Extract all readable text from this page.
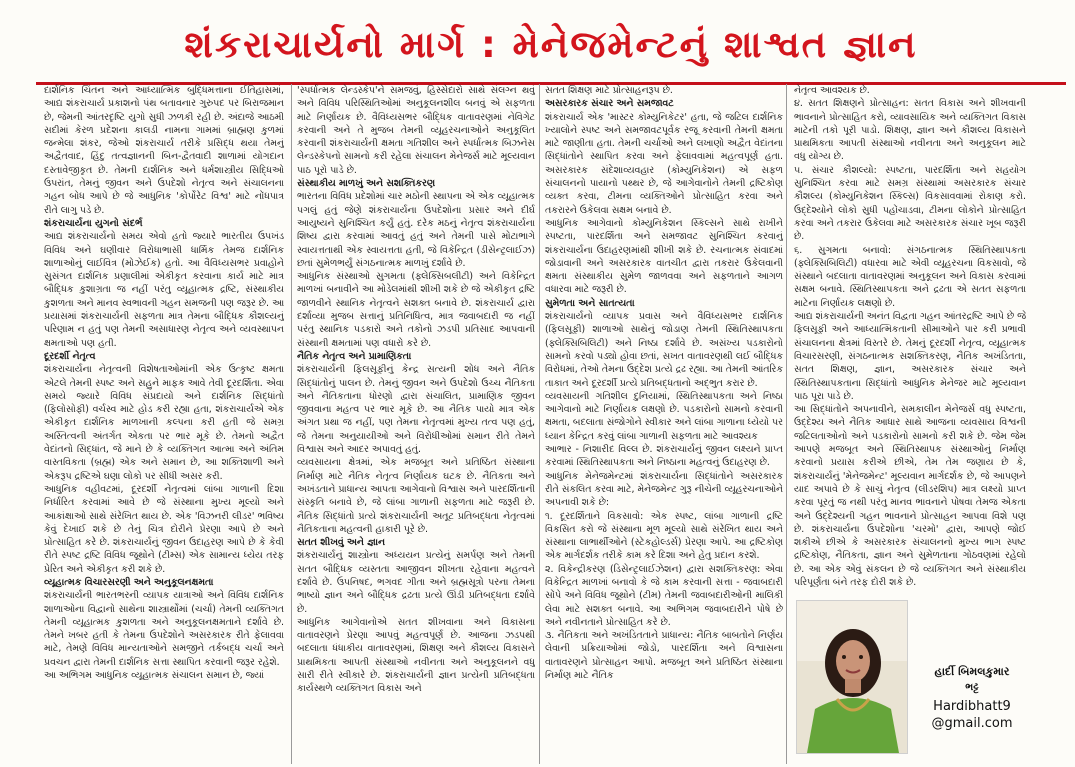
શંકરાચાર્યનો માર્ગ : મેનેજમેન્ટનું શાશ્વત જ્ઞાન

દાર્શનિક ચિંતન અને આધ્યાત્મિક બુદ્ધિમત્તાના ઈતિહાસમાં, આદ્ય શંકરાચાર્ય પ્રકાશનો પંથ બતાવનાર ગુરુપદ પર બિરાજમાન છે, જેમની આંતરદૃષ્ટિ યુગો સુધી ઝળકી રહી છે. અંદાજે આઠમી સદીમાં કેરળ પ્રદેશના કાલડી નામના ગામમાં બ્રાહ્મણ કુળમાં જન્મેલા શંકર, જેઓ શંકરાચાર્ય તરીકે પ્રસિદ્ધ થયા તેમનું અદ્વૈતવાદ, હિંદુ તત્વજ્ઞાનની બિન-દ્વૈતવાદી શાળામાં યોગદાન દસ્તાવેજીકૃત છે. તેમની દાર્શનિક અને ધર્મશાસ્ત્રીય સિદ્ધિઓ ઉપરાંત, તેમનું જીવન અને ઉપદેશો નેતૃત્વ અને સંચાલનના ગહન બોધ આપે છે જે આધુનિક 'કોર્પોરેટ વિશ્વ' માટે નોંધપાત્ર રીતે લાગુ પડે છે.

શંકરાચાર્યના યુગનો સંદર્ભ

આદ્ય શંકરાચાર્યનો સમય એવો હતો જ્યારે ભારતીય ઉપખંડ વિવિધ અને ઘણીવાર વિરોધાભાસી ધાર્મિક તેમજ દાર્શનિક શાળાઓનું લાઈવિત્ર (મોઝેઈક) હતો. આ વૈવિધ્યસભર પ્રવાહોને સુસંગત દાર્શનિક પ્રણાલીમાં એકીકૃત કરવાના કાર્ય માટે માત્ર બૌદ્ધિક કુશાગ્રતા જ નહીં પરંતુ વ્યૂહાત્મક દ્રષ્ટિ, સંસ્થાકીય કુશળતા અને માનવ સ્વભાવની ગહન સમજની પણ જરૂર છે. આ પ્રયાસમાં શંકરાચાર્યની સફળતા માત્ર તેમના બૌદ્ધિક કૌશલ્યનું પરિણામ ન હતું પણ તેમની અસાધારણ નેતૃત્વ અને વ્યવસ્થાપન ક્ષમતાઓ પણ હતી.

દૂરદર્શી નેતૃત્વ

શંકરાચાર્યના નેતૃત્વની વિશેષતાઓમાંની એક ઉત્કૃષ્ટ ક્ષમતા એટલે તેમની સ્પષ્ટ અને સહુને માફક આવે તેવી દૂરદર્શિતા. એવા સમયે જ્યારે વિવિધ સંપ્રદાયો અને દાર્શનિક સિદ્ધાંતો (ફિલોસોફી) વર્ચસ્વ માટે હોડ કરી રહ્યા હતા, શંકરાચાર્યએ એક એકીકૃત દાર્શનિક માળખાની કલ્પના કરી હતી જે સમગ્ર અસ્તિત્વની અંતર્ગત એકતા પર ભાર મૂકે છે. તેમનો અદ્વૈત વેદાંતનો સિદ્ધાંત, જે માને છે કે વ્યક્તિગત આત્મા અને અંતિમ વાસ્તવિકતા (બ્રહ્મ) એક અને સમાન છે, આ શક્તિશાળી અને એકરૂપ દ્રષ્ટિએ ઘણા લોકો પર સીધી અસર કરી.

આધુનિક વહીવટમાં, દૂરદર્શી નેતૃત્વમાં લાંબા ગાળાની દિશા નિર્ધારિત કરવામાં આવે છે જે સંસ્થાના મુખ્ય મૂલ્યો અને આકાંક્ષાઓ સાથે સંરેખિત થાય છે. એક 'વિઝનરી લીડર' ભવિષ્ય કેવું દેખાઈ શકે છે તેનું ચિત્ર દોરીને પ્રેરણા આપે છે અને પ્રોત્સાહિત કરે છે. શંકરાચાર્યનું જીવન ઉદાહરણ આપે છે કે કેવી રીતે સ્પષ્ટ દ્રષ્ટિ વિવિધ જૂથોને (ટીમ્સ) એક સામાન્ય ધ્યેય તરફ પ્રેરિત અને એકીકૃત કરી શકે છે.

વ્યૂહાત્મક વિચારસરણી અને અનુકૂલનક્ષમતા

શંકરાચાર્યની ભારતભરની વ્યાપક યાત્રાઓ અને વિવિધ દાર્શનિક શાળાઓના વિદ્વાનો સાથેના શાસ્ત્રાર્થોમાં (ચર્ચા) તેમની વ્યક્તિગત તેમની વ્યૂહાત્મક કુશળતા અને અનુકૂલનક્ષમતાને દર્શાવે છે. તેમને ખબર હતી કે તેમના ઉપદેશોને અસરકારક રીતે ફેલાવવા માટે, તેમણે વિવિધ માન્યતાઓને સમજીને તર્કબદ્ધ ચર્ચા અને પ્રવચન દ્વારા તેમની દાર્શનિક સત્તા સ્થાપિત કરવાની જરૂર રહેશે.

આ અભિગમ આધુનિક વ્યૂહાત્મક સંચાલન સમાન છે, જ્યાં

'સ્પર્ધાત્મક લેન્ડસ્કેપ'ને સમજવું, હિસ્સેદારો સાથે સંલગ્ન થવું અને વિવિધ પરિસ્થિતિઓમાં અનુકૂલનશીલ બનવું એ સફળતા માટે નિર્ણાયક છે. વૈવિધ્યસભર બૌદ્ધિક વાતાવરણમાં નેવિગેટ કરવાની અને તે મુજબ તેમની વ્યૂહરચનાઓને અનુકૂલિત કરવાની શંકરાચાર્યની ક્ષમતા ગતિશીલ અને સ્પર્ધાત્મક બિઝનેસ લેન્ડસ્કેપનો સામનો કરી રહેલા સંચાલન મેનેજર્સ માટે મૂલ્યવાન પાઠ પૂરો પાડે છે.

સંસ્થાકીય માળખું અને સશક્તિકરણ

ભારતના વિવિધ પ્રદેશોમાં ચાર મઠોની સ્થાપના એ એક વ્યૂહાત્મક પગલું હતું જેણે શંકરાચાર્યના ઉપદેશોના પ્રસાર અને દીર્ઘ આયુષ્યને સુનિશ્ચિત કર્યું હતું. દરેક મઠનું નેતૃત્વ શંકરાચાર્યના શિષ્ય દ્વારા કરવામાં આવતું હતું અને તેમની પાસે મોટાભાગે સ્વાયત્તતાથી એક સ્વાયત્તતા હતી, જે વિકેન્દ્રિત (ડીસેન્ટ્રલાઈઝ) છતાં સુમેળભર્યું સંગઠનાત્મક માળખું દર્શાવે છે.

આધુનિક સંસ્થાઓ સુગમતા (ફ્લેક્સિબલીટી) અને વિકેન્દ્રિત માળખાં બનાવીને આ મોડેલમાંથી શીખી શકે છે જે એકીકૃત દ્રષ્ટિ જાળવીને સ્થાનિક નેતૃત્વને સશક્ત બનાવે છે. શંકરાચાર્ય દ્વારા દર્શાવ્યા મુજબ સત્તાનું પ્રતિનિધિત્વ, માત્ર જવાબદારી જ નહીં પરંતુ સ્થાનિક પડકારો અને તકોનો ઝડપી પ્રતિસાદ આપવાની સંસ્થાની ક્ષમતામાં પણ વધારો કરે છે.

નૈતિક નેતૃત્વ અને પ્રામાણિકતા

શંકરાચાર્યની ફિલસૂફીનું કેન્દ્ર સત્યની શોધ અને નૈતિક સિદ્ધાંતોનું પાલન છે. તેમનું જીવન અને ઉપદેશો ઉચ્ચ નૈતિકતા અને નૈતિકતાના ધોરણો દ્વારા સંચાલિત, પ્રામાણિક જીવન જીવવાના મહત્વ પર ભાર મૂકે છે. આ નૈતિક પાયો માત્ર એક અંગત પ્રથા જ નહીં, પણ તેમના નેતૃત્વમાં મુખ્ય તત્વ પણ હતું, જે તેમના અનુયાયીઓ અને વિરોધીઓમાં સમાન રીતે તેમને વિશ્વાસ અને આદર અપાવતું હતું.

વ્યવસાયના ક્ષેત્રમાં, એક મજબૂત અને પ્રતિષ્ઠિત સંસ્થાના નિર્માણ માટે નૈતિક નેતૃત્વ નિર્ણાયક ઘટક છે. નૈતિકતા અને અખંડતાને પ્રાધાન્ય આપતા આગેવાનો વિશ્વાસ અને પારદર્શિતાની સંસ્કૃતિ બનાવે છે, જે લાંબા ગાળાની સફળતા માટે જરૂરી છે. નૈતિક સિદ્ધાંતો પ્રત્યે શંકરાચાર્યની અતૂટ પ્રતિબદ્ધતા નેતૃત્વમાં નૈતિકતાના મહત્વની હાકારી પૂરે છે.

સતત શીખવું અને જ્ઞાન

શંકરાચાર્યનું શાસ્ત્રોના અધ્યયન પ્રત્યેનું સમર્પણ અને તેમની સતત બૌદ્ધિક વ્યસ્તતા આજીવન શીખતા રહેવાના મહત્વને દર્શાવે છે. ઉપનિષદ, ભગવદ ગીતા અને બ્રહ્મસૂત્રો પરના તેમના ભાષ્યો જ્ઞાન અને બૌદ્ધિક દ્રઢતા પ્રત્યે ઊંડી પ્રતિબદ્ધતા દર્શાવે છે.

આધુનિક આગેવાનોએ સતત શીખવાના અને વિકાસના વાતાવરણને પ્રેરણા આપવું મહત્વપૂર્ણ છે. આજના ઝડપથી બદલાતા ધંધાકીય વાતાવરણમાં, શિક્ષણ અને કૌશલ્ય વિકાસને પ્રાથમિકતા આપતી સંસ્થાઓ નવીનતા અને અનુકૂલનને વધુ સારી રીતે સ્વીકારે છે. શંકરાચાર્યની જ્ઞાન પ્રત્યેની પ્રતિબદ્ધતા કાર્યસ્થળે વ્યક્તિગત વિકાસ અને

સતત શિક્ષણ માટે પ્રોત્સાહનરૂપ છે.

અસરકારક સંચાર અને સમજાવટ

શંકરાચાર્ય એક 'માસ્ટર કોમ્યુનિકેટર' હતા, જે જટિલ દાર્શનિક ખ્યાલોને સ્પષ્ટ અને સમજાવટપૂર્વક રજૂ કરવાની તેમની ક્ષમતા માટે જાણીતા હતા. તેમની ચર્ચાઓ અને લખાણો અદ્વૈત વેદાંતના સિદ્ધાંતોને સ્થાપિત કરવા અને ફેલાવવામાં મહત્વપૂર્ણ હતા. અસરકારક સંદેશાવ્યવહાર (કોમ્યુનિકેશન) એ સફળ સંચાલનનો પાયાનો પથ્થર છે, જે આગેવાનોને તેમની દ્રષ્ટિકોણ વ્યક્ત કરવા, ટીમના વ્યક્તિઓને પ્રોત્સાહિત કરવા અને તકરારને ઉકેલવા સક્ષમ બનાવે છે.

આધુનિક આગેવાનો કોમ્યુનિકેશન સ્કિલ્સને સાથે રાખીને સ્પષ્ટતા, પારદર્શિતા અને સમજાવટ સુનિશ્ચિત કરવાનું શંકરાચાર્યના ઉદાહરણમાંથી શીખી શકે છે. રચનાત્મક સંવાદમાં જોડાવાની અને અસરકારક વાતચીત દ્વારા તકરાર ઉકેલવાની ક્ષમતા સંસ્થાકીય સુમેળ જાળવવા અને સફળતાને આગળ વધારવા માટે જરૂરી છે.

સુમેળતા અને સાતત્યતા

શંકરાચાર્યનો વ્યાપક પ્રવાસ અને વૈવિધ્યસભર દાર્શનિક (ફિલસૂફી) શાળાઓ સાથેનું જોડાણ તેમની સ્થિતિસ્થાપકતા (ફ્લેક્સિબિલિટી) અને નિષ્ઠા દર્શાવે છે. અસંખ્ય પડકારોનો સામનો કરવો પડ્યો હોવા છતાં, સખત વાતાવરણથી લઈ બૌદ્ધિક વિરોધમાં, તેઓ તેમના ઉદ્દેશ પ્રત્યે દ્રઢ રહ્યા. આ તેમની આંતરિક તાકાત અને દૂરદર્શી પ્રત્યે પ્રતિબદ્ધતાનો અદ્ભુત કરાર છે.

વ્યવસાયની ગતિશીલ દુનિયામાં, સ્થિતિસ્થાપકતા અને નિષ્ઠા આગેવાનો માટે નિર્ણાયક લક્ષણો છે. પડકારોનો સામનો કરવાની ક્ષમતા, બદલાતા સંજોગોને સ્વીકાર અને લાંબા ગાળાના ધ્યેયો પર ધ્યાન કેન્દ્રિત કરવું લાંબા ગાળાની સફળતા માટે આવશ્યક

આભાર - નિશારીદ વિલ્લ છે. શંકરાચાર્યનું જીવન લક્ષ્યને પ્રાપ્ત કરવામાં સ્થિતિસ્થાપકતા અને નિષ્ઠાના મહત્વનું ઉદાહરણ છે.

આધુનિક મેનેજમેન્ટમાં શંકરાચાર્યના સિદ્ધાંતોને અસરકારક રીતે સંકલિત કરવા માટે, મેનેજમેન્ટ ગુરૂ નીચેની વ્યૂહરચનાઓને અપનાવી શકે છે:

૧. દૂરદર્શિતાને વિકસાવો: એક સ્પષ્ટ, લાંબા ગાળાની દ્રષ્ટિ વિકસિત કરો જે સંસ્થાના મૂળ મૂલ્યો સાથે સંરેખિત થાય અને સંસ્થાના લાભાર્થીઓને (સ્ટેકહોલ્ડર્સ) પ્રેરણા આપે. આ દ્રષ્ટિકોણ એક માર્ગદર્શક તરીકે કામ કરે દિશા અને હેતુ પ્રદાન કરશે.

૨. વિકેન્દ્રીકરણ (ડિસેન્ટ્રલાઈઝેશન) દ્વારા સશક્તિકરણ: એવા વિકેન્દ્રિત માળખાં બનાવો કે જે કામ કરવાની સત્તા - જવાબદારી સોંપે અને વિવિધ જૂથોને (ટીમ) તેમની જવાબદારીઓની માલિકી લેવા માટે સશક્ત બનાવે. આ અભિગમ જવાબદારીને પોષે છે અને નવીનતાને પ્રોત્સાહિત કરે છે.

૩. નૈતિકતા અને અખંડિતતાને પ્રાધાન્ય: નૈતિક બાબતોને નિર્ણય લેવાની પ્રક્રિયાઓમાં જોડો, પારદર્શિતા અને વિશ્વાસના વાતાવરણને પ્રોત્સાહન આપો. મજબૂત અને પ્રતિષ્ઠિત સંસ્થાના નિર્માણ માટે નૈતિક

નેતૃત્વ આવશ્યક છે.

૪. સતત શિક્ષણને પ્રોત્સાહન: સતત વિકાસ અને શીખવાની ભાવનાને પ્રોત્સાહિત કરો, વ્યાવસાયિક અને વ્યક્તિગત વિકાસ માટેની તકો પૂરી પાડો. શિક્ષણ, જ્ઞાન અને કૌશલ્ય વિકાસને પ્રાથમિકતા આપતી સંસ્થાઓ નવીનતા અને અનુકૂલન માટે વધુ યોગ્ય છે.

૫. સંચાર કૌશલ્યો: સ્પષ્ટતા, પારદર્શિતા અને સહયોગ સુનિશ્ચિત કરવા માટે સમગ્ર સંસ્થામાં અસરકારક સંચાર કૌશલ્ય (કોમ્યુનિકેશન સ્કિલ્સ) વિકસાવવામાં રોકાણ કરો. ઉદ્દેશ્યોને લોકો સુધી પહોંચાડવા, ટીમના લોકોને પ્રોત્સાહિત કરવા અને તકરાર ઉકેલવા માટે અસરકારક સંચાર ખૂબ જરૂરી છે.

૬. સુગમતા બનાવો: સંગઠનાત્મક સ્થિતિસ્થાપકતા (ફ્લેક્સિબિલિટી) વધારવા માટે એવી વ્યૂહરચના વિકસાવો, જે સંસ્થાને બદલાતા વાતાવરણમાં અનુકૂલન અને વિકાસ કરવામાં સક્ષમ બનાવે. સ્થિતિસ્થાપકતા અને દ્રઢતા એ સતત સફળતા માટેના નિર્ણાયક લક્ષણો છે.

આદ્ય શંકરાચાર્યની અનંત વિદ્વતા ગહન આંતરદ્રષ્ટિ આપે છે જે ફિલસૂફી અને આધ્યાત્મિકતાની સીમાઓને પાર કરી પ્રભાવી સંચાલનના ક્ષેત્રમાં વિસ્તરે છે. તેમનું દૂરદર્શી નેતૃત્વ, વ્યૂહાત્મક વિચારસરણી, સંગઠનાત્મક સશક્તિકરણ, નૈતિક અખંડિતતા, સતત શિક્ષણ, જ્ઞાન, અસરકારક સંચાર અને સ્થિતિસ્થાપકતાના સિદ્ધાંતો આધુનિક મેનેજર માટે મૂલ્યવાન પાઠ પૂરા પાડે છે.

આ સિદ્ધાંતોને અપનાવીને, સમકાલીન મેનેજર્સ વધુ સ્પષ્ટતા, ઉદ્દેશ્ય અને નૈતિક આધાર સાથે આજના વ્યવસાય વિશ્વની જટિલતાઓનો અને પડકારોનો સામનો કરી શકે છે. જેમ જેમ આપણે મજબૂત અને સ્થિતિસ્થાપક સંસ્થાઓનું નિર્માણ કરવાનો પ્રયાસ કરીએ છીએ, તેમ તેમ જણાય છે કે, શંકરાચાર્યનું 'મેનેજમેન્ટ' મૂલ્યવાન માર્ગદર્શક છે, જે આપણને યાદ અપાવે છે કે સાચું નેતૃત્વ (લીડરશિપ) માત્ર લક્ષ્યો પ્રાપ્ત કરવા પૂરતું જ નથી પરંતુ માનવ ભાવનાને પોષવા તેમજ એકતા અને ઉદ્દેશ્યની ગહન ભાવનાને પ્રોત્સાહન આપવા વિશે પણ છે. શંકરાચાર્યના ઉપદેશોના 'ચરમો' દ્વારા, આપણે જોઈ શકીએ છીએ કે અસરકારક સંચાલનનો મુખ્ય ભાગ સ્પષ્ટ દ્રષ્ટિકોણ, નૈતિકતા, જ્ઞાન અને સુમેળતાના ગોઠવણમાં રહેલો છે. આ એક એવું સંકલન છે જે વ્યક્તિગત અને સંસ્થાકીય પરિપૂર્ણતા બંને તરફ દોરી શકે છે.

હાર્દી બિમલકુમાર
ભટ્ટ
Hardibhatt9
@gmail.com
